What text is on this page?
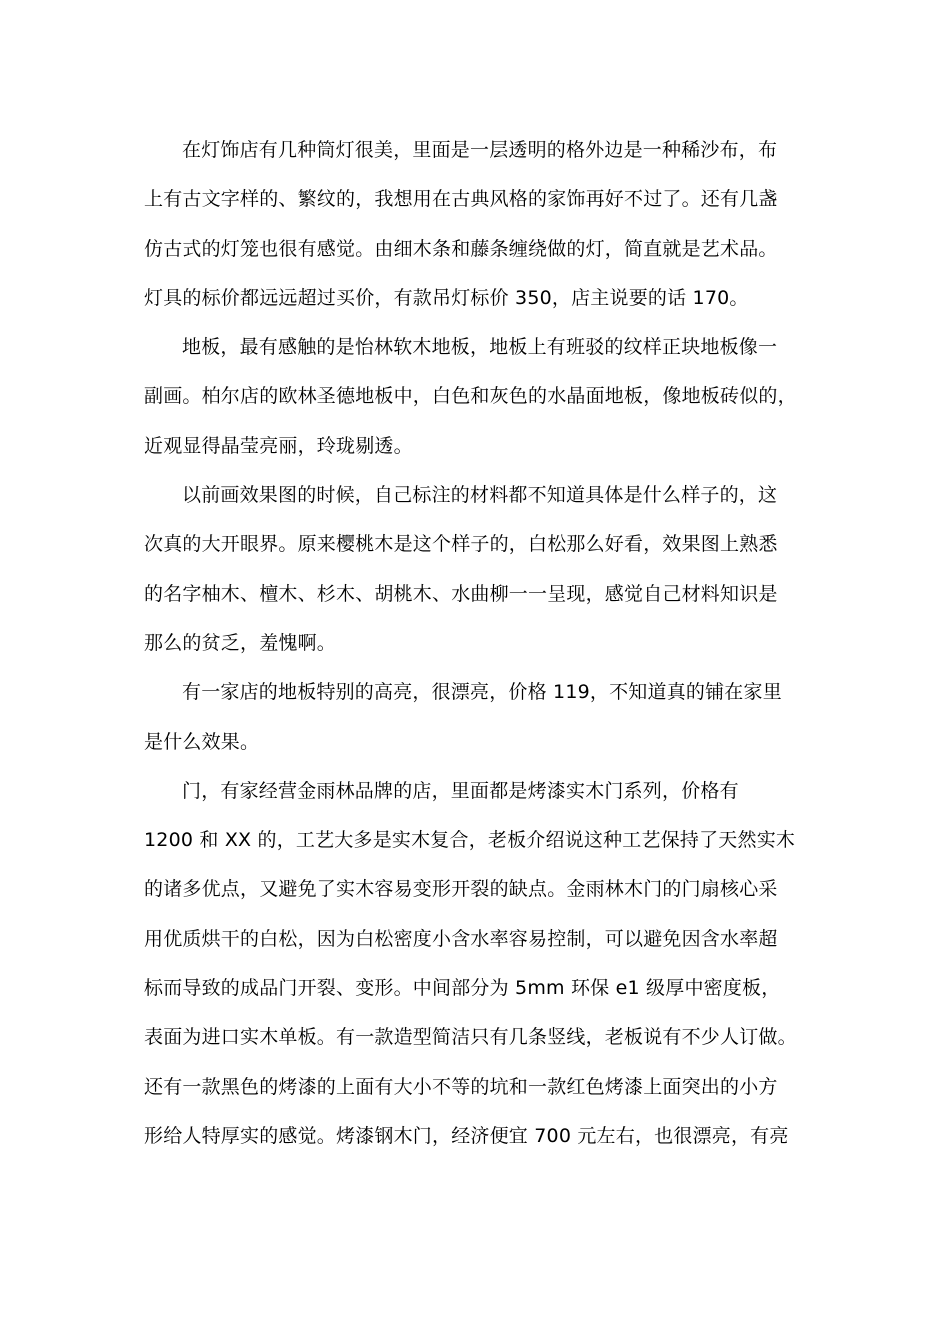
在灯饰店有几种筒灯很美，里面是一层透明的格外边是一种稀沙布，布
上有古文字样的、繁纹的，我想用在古典风格的家饰再好不过了。还有几盏
仿古式的灯笼也很有感觉。由细木条和藤条缠绕做的灯，简直就是艺术品。
灯具的标价都远远超过买价，有款吊灯标价 350，店主说要的话 170。
地板，最有感触的是怡林软木地板，地板上有班驳的纹样正块地板像一
副画。柏尔店的欧林圣德地板中，白色和灰色的水晶面地板，像地板砖似的，
近观显得晶莹亮丽，玲珑剔透。
以前画效果图的时候，自己标注的材料都不知道具体是什么样子的，这
次真的大开眼界。原来樱桃木是这个样子的，白松那么好看，效果图上熟悉
的名字柚木、檀木、杉木、胡桃木、水曲柳一一呈现，感觉自己材料知识是
那么的贫乏，羞愧啊。
有一家店的地板特别的高亮，很漂亮，价格 119，不知道真的铺在家里
是什么效果。
门，有家经营金雨林品牌的店，里面都是烤漆实木门系列，价格有
1200 和 XX 的，工艺大多是实木复合，老板介绍说这种工艺保持了天然实木
的诸多优点，又避免了实木容易变形开裂的缺点。金雨林木门的门扇核心采
用优质烘干的白松，因为白松密度小含水率容易控制，可以避免因含水率超
标而导致的成品门开裂、变形。中间部分为 5mm 环保 e1 级厚中密度板，
表面为进口实木单板。有一款造型简洁只有几条竖线，老板说有不少人订做。
还有一款黑色的烤漆的上面有大小不等的坑和一款红色烤漆上面突出的小方
形给人特厚实的感觉。烤漆钢木门，经济便宜 700 元左右，也很漂亮，有亮
